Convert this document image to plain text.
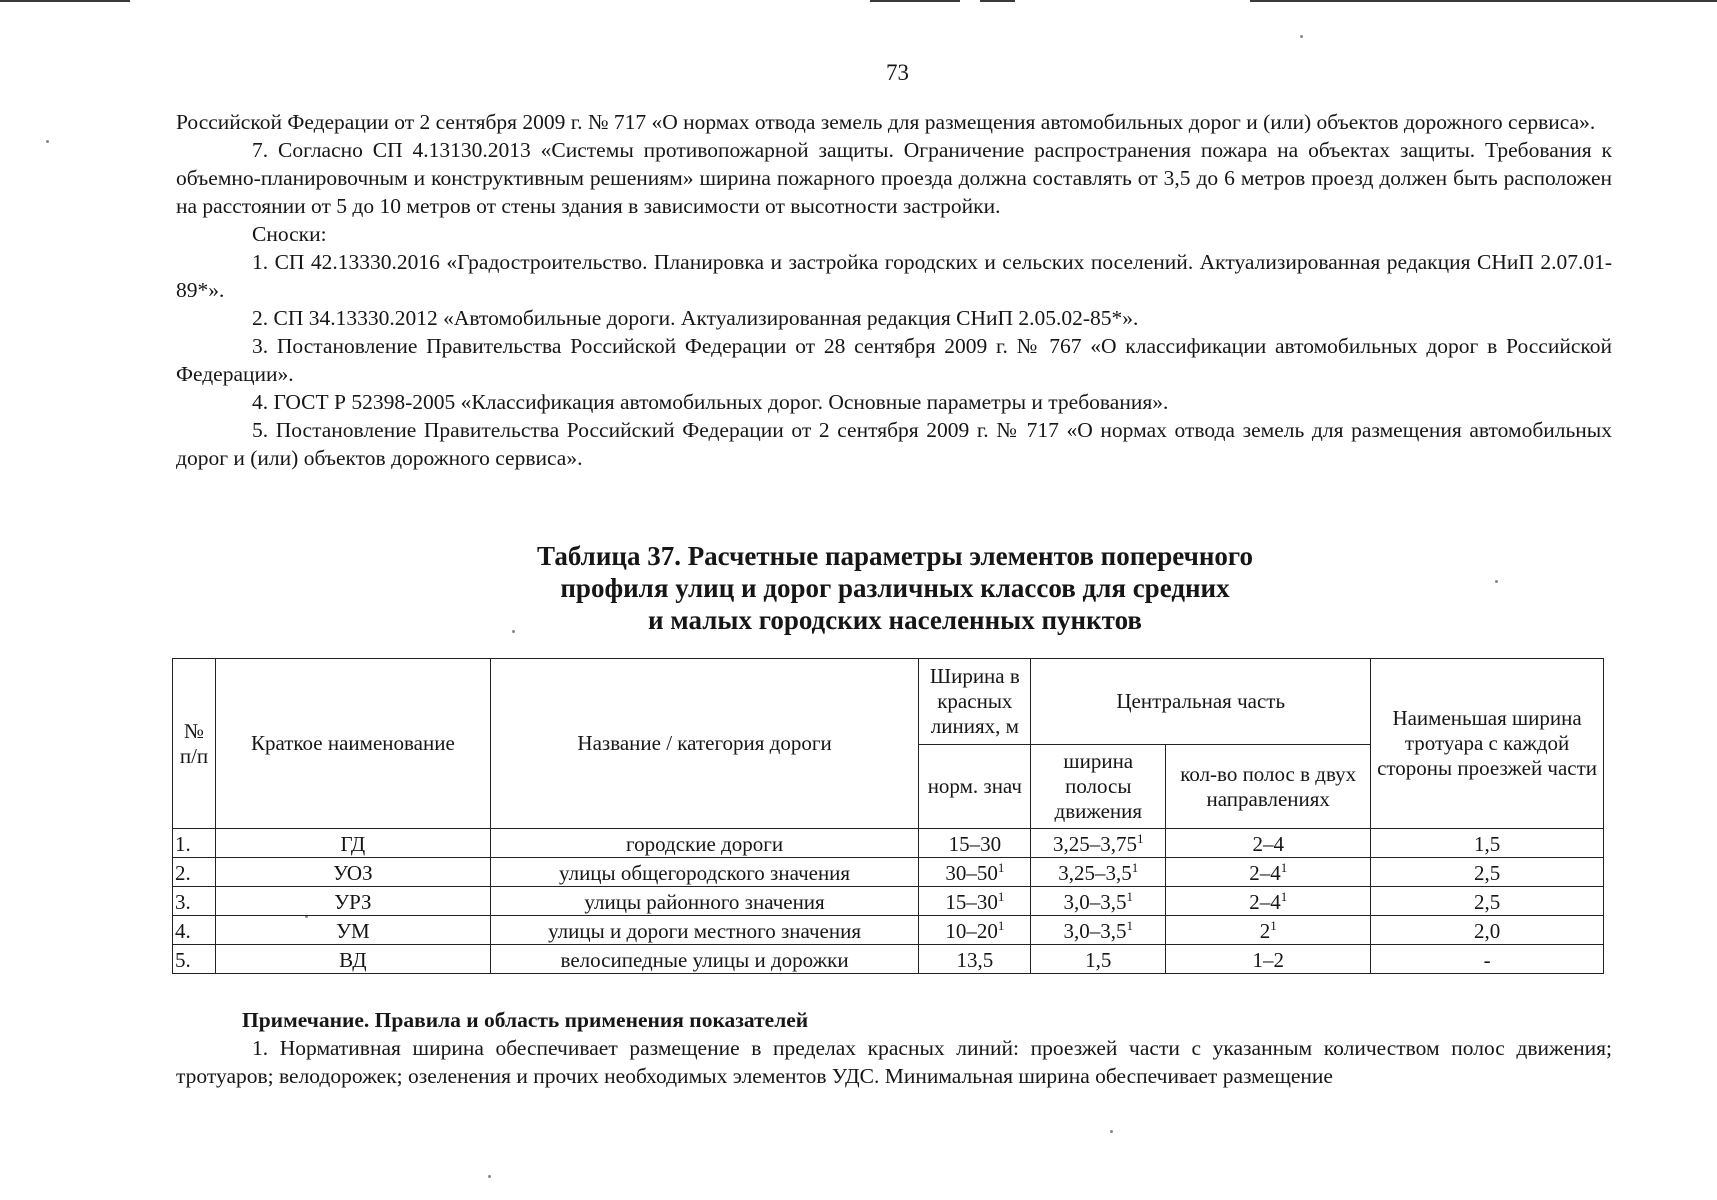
73

Российской Федерации от 2 сентября 2009 г. № 717 «О нормах отвода земель для размещения автомобильных дорог и (или) объектов дорожного сервиса».

7. Согласно СП 4.13130.2013 «Системы противопожарной защиты. Ограничение распространения пожара на объектах защиты. Требования к объемно-планировочным и конструктивным решениям» ширина пожарного проезда должна составлять от 3,5 до 6 метров проезд должен быть расположен на расстоянии от 5 до 10 метров от стены здания в зависимости от высотности застройки.

Сноски:

1. СП 42.13330.2016 «Градостроительство. Планировка и застройка городских и сельских поселений. Актуализированная редакция СНиП 2.07.01-89*».

2. СП 34.13330.2012 «Автомобильные дороги. Актуализированная редакция СНиП 2.05.02-85*».

3. Постановление Правительства Российской Федерации от 28 сентября 2009 г. № 767 «О классификации автомобильных дорог в Российской Федерации».

4. ГОСТ Р 52398-2005 «Классификация автомобильных дорог. Основные параметры и требования».

5. Постановление Правительства Российский Федерации от 2 сентября 2009 г. № 717 «О нормах отвода земель для размещения автомобильных дорог и (или) объектов дорожного сервиса».

Таблица 37. Расчетные параметры элементов поперечного
профиля улиц и дорог различных классов для средних
и малых городских населенных пунктов
№ п/п	Краткое наименование	Название / категория дороги	Ширина в красных линиях, м	Центральная часть		Наименьшая ширина тротуара с каждой стороны проезжей части
			норм. знач	ширина полосы движения	кол-во полос в двух направлениях	
1.	ГД	городские дороги	15–30	3,25–3,75$^1$	2–4	1,5
2.	УОЗ	улицы общегородского значения	$30-50^1$	$3,25-3,5^1$	$2-4^1$	2,5
3.	УРЗ	улицы районного значения	$15-30^1$	$3,0-3,5^1$	$2-4^1$	2,5
4.	УМ	улицы и дороги местного значения	$10-20^1$	$3,0-3,5^1$	$2^1$	2,0
5.	ВД	велосипедные улицы и дорожки	13,5	1,5	1–2	-

Примечание. Правила и область применения показателей

1. Нормативная ширина обеспечивает размещение в пределах красных линий: проезжей части с указанным количеством полос движения; тротуаров; велодорожек; озеленения и прочих необходимых элементов УДС. Минимальная ширина обеспечивает размещение
